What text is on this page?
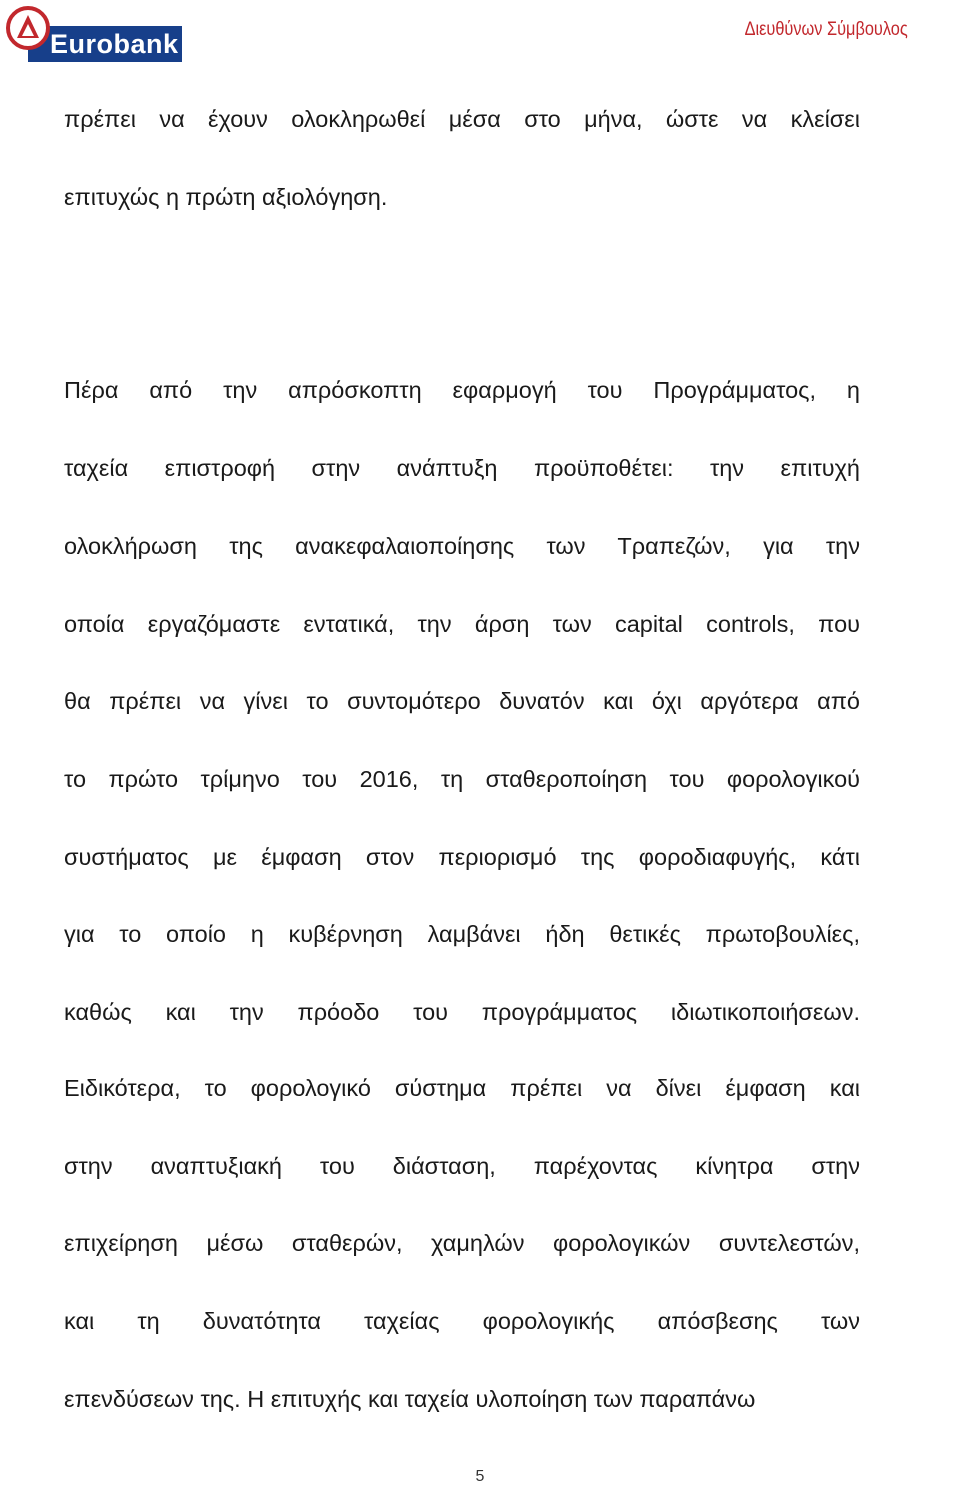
Eurobank	Διευθύνων Σύμβουλος
πρέπει να έχουν ολοκληρωθεί μέσα στο μήνα, ώστε να κλείσει
επιτυχώς η πρώτη αξιολόγηση.
Πέρα από την απρόσκοπτη εφαρμογή του Προγράμματος, η
ταχεία επιστροφή στην ανάπτυξη προϋποθέτει: την επιτυχή
ολοκλήρωση της ανακεφαλαιοποίησης των Τραπεζών, για την
οποία εργαζόμαστε εντατικά, την άρση των capital controls, που
θα πρέπει να γίνει το συντομότερο δυνατόν και όχι αργότερα από
το πρώτο τρίμηνο του 2016, τη σταθεροποίηση του φορολογικού
συστήματος με έμφαση στον περιορισμό της φοροδιαφυγής, κάτι
για το οποίο η κυβέρνηση λαμβάνει ήδη θετικές πρωτοβουλίες,
καθώς και την πρόοδο του προγράμματος ιδιωτικοποιήσεων.
Ειδικότερα, το φορολογικό σύστημα πρέπει να δίνει έμφαση και
στην αναπτυξιακή του διάσταση, παρέχοντας κίνητρα στην
επιχείρηση μέσω σταθερών, χαμηλών φορολογικών συντελεστών,
και τη δυνατότητα ταχείας φορολογικής απόσβεσης των
επενδύσεων της. Η επιτυχής και ταχεία υλοποίηση των παραπάνω
5
